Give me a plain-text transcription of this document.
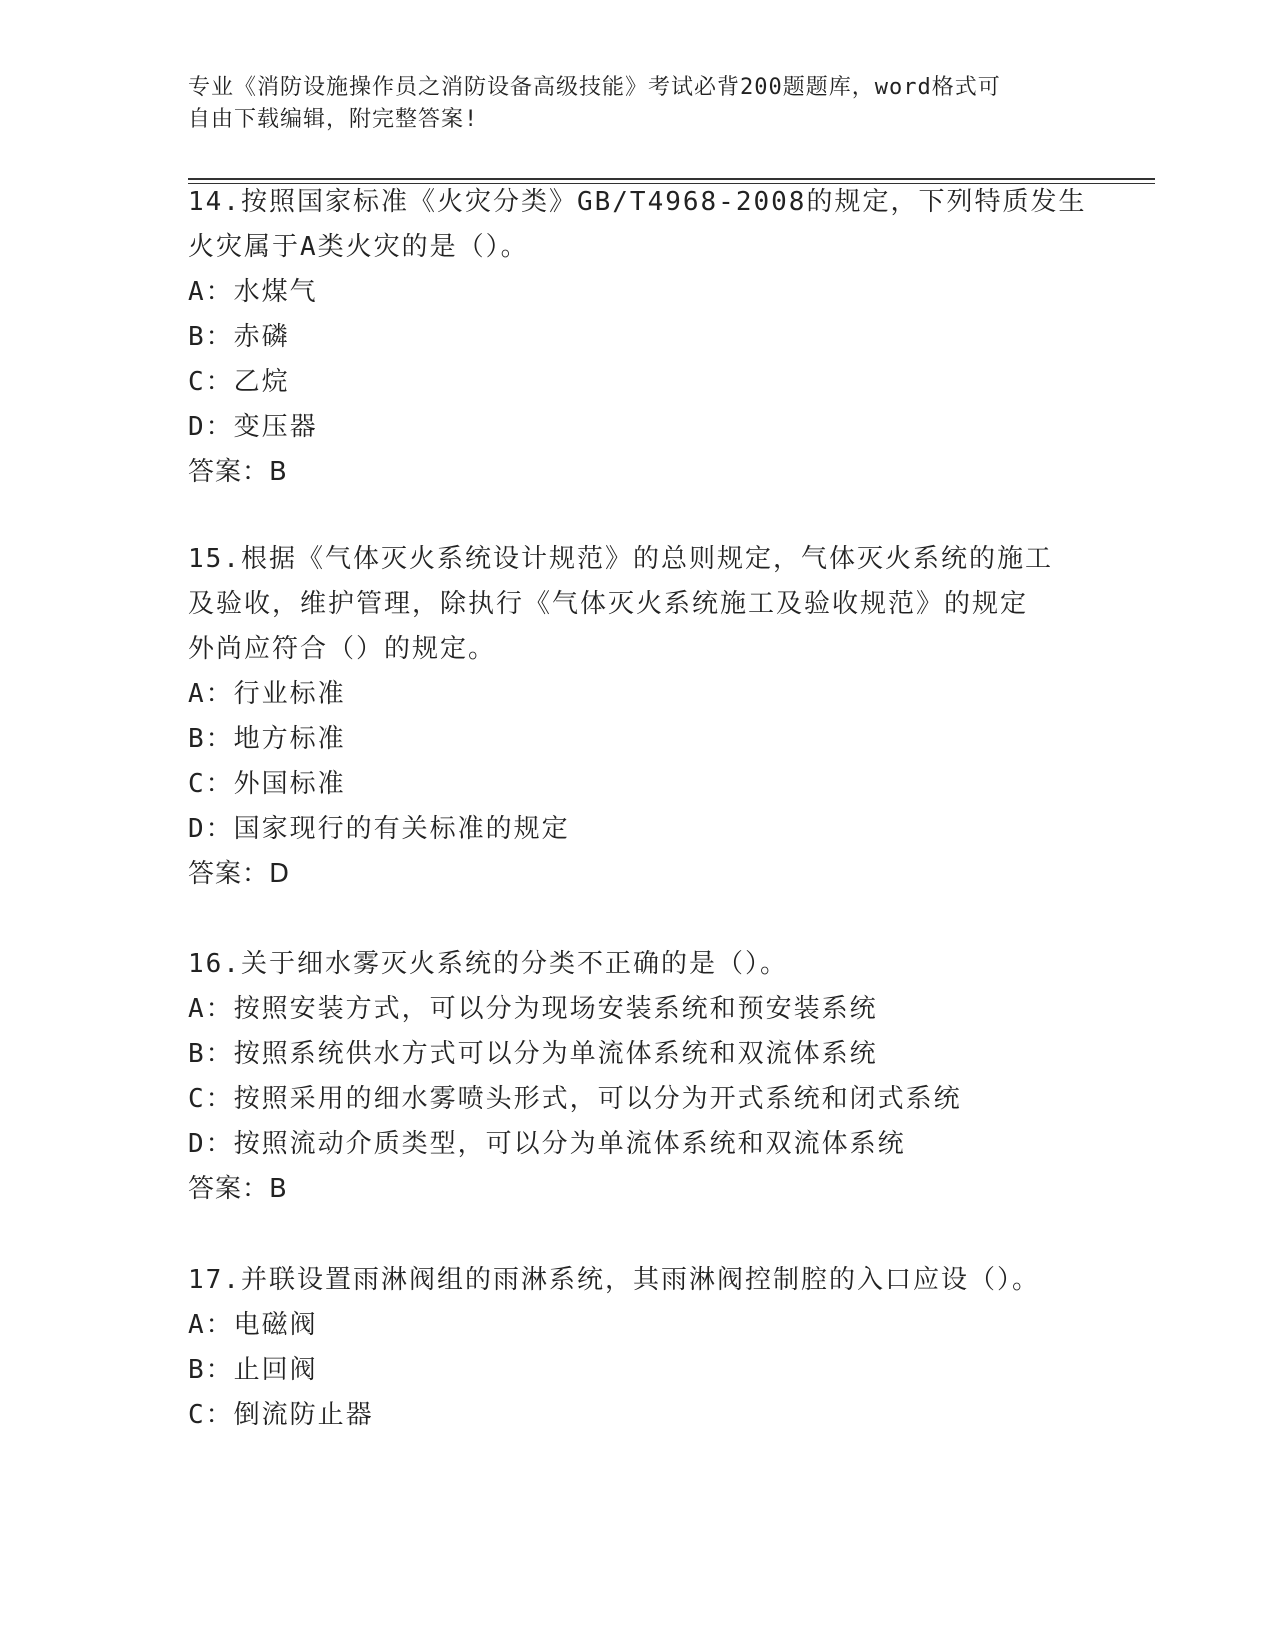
专业《消防设施操作员之消防设备高级技能》考试必背200题题库，word格式可
自由下载编辑，附完整答案!

14.按照国家标准《火灾分类》GB/T4968-2008的规定，下列特质发生

火灾属于A类火灾的是（）。

A：水煤气

B：赤磷

C：乙烷

D：变压器

答案：B

15.根据《气体灭火系统设计规范》的总则规定，气体灭火系统的施工

及验收，维护管理，除执行《气体灭火系统施工及验收规范》的规定

外尚应符合（）的规定。

A：行业标准

B：地方标准

C：外国标准

D：国家现行的有关标准的规定

答案：D

16.关于细水雾灭火系统的分类不正确的是（）。

A：按照安装方式，可以分为现场安装系统和预安装系统

B：按照系统供水方式可以分为单流体系统和双流体系统

C：按照采用的细水雾喷头形式，可以分为开式系统和闭式系统

D：按照流动介质类型，可以分为单流体系统和双流体系统

答案：B

17.并联设置雨淋阀组的雨淋系统，其雨淋阀控制腔的入口应设（）。

A：电磁阀

B：止回阀

C：倒流防止器
